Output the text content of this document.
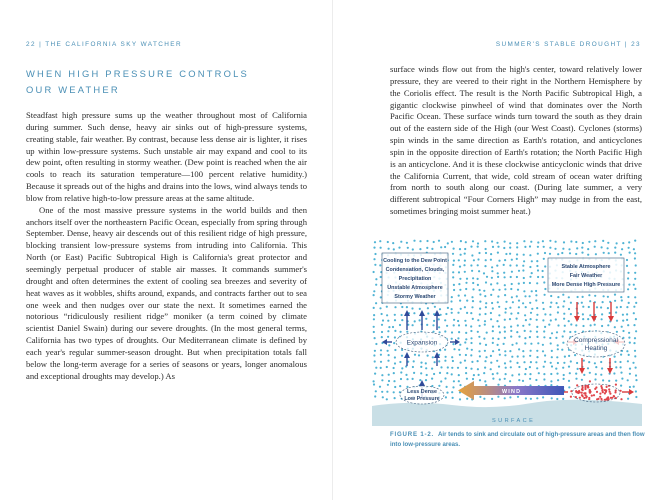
22 | THE CALIFORNIA SKY WATCHER
WHEN HIGH PRESSURE CONTROLS OUR WEATHER

Steadfast high pressure sums up the weather throughout most of California during summer. Such dense, heavy air sinks out of high-pressure systems, creating stable, fair weather. By contrast, because less dense air is lighter, it rises up within low-pressure systems. Such unstable air may expand and cool to its dew point, often resulting in stormy weather. (Dew point is reached when the air cools to reach its saturation temperature—100 percent relative humidity.) Because it spreads out of the highs and drains into the lows, wind always tends to blow from relative high-to-low pressure areas at the same altitude.

One of the most massive pressure systems in the world builds and then anchors itself over the northeastern Pacific Ocean, especially from spring through September. Dense, heavy air descends out of this resilient ridge of high pressure, blocking transient low-pressure systems from intruding into California. This North (or East) Pacific Subtropical High is California's great protector and seemingly perpetual producer of stable air masses. It commands summer's drought and often determines the extent of cooling sea breezes and severity of heat waves as it wobbles, shifts around, expands, and contracts farther out to sea one week and then nudges over our state the next. It sometimes earned the notorious “ridiculously resilient ridge” moniker (a term coined by climate scientist Daniel Swain) during our severe droughts. (In the most general terms, California has two types of droughts. Our Mediterranean climate is defined by each year's regular summer-season drought. But when precipitation totals fall below the long-term average for a series of seasons or years, longer anomalous and exceptional droughts may develop.) As

SUMMER'S STABLE DROUGHT | 23

surface winds flow out from the high's center, toward relatively lower pressure, they are veered to their right in the Northern Hemisphere by the Coriolis effect. The result is the North Pacific Subtropical High, a gigantic clockwise pinwheel of wind that dominates over the North Pacific Ocean. These surface winds turn toward the south as they drain out of the eastern side of the High (our West Coast). Cyclones (storms) spin winds in the same direction as Earth's rotation, and anticyclones spin in the opposite direction of Earth's rotation; the North Pacific High is an anticyclone. And it is these clockwise anticyclonic winds that drive the California Current, that wide, cold stream of ocean water drifting from north to south along our coast. (During late summer, a very different subtropical “Four Corners High” may nudge in from the east, sometimes bringing moist summer heat.)

SURFACE
Cooling to the Dew Point
Condensation, Clouds,
Precipitation
Unstable Atmosphere
Stormy Weather
Stable Atmosphere
Fair Weather
More Dense High Pressure
Expansion
Less Dense
Low Pressure
Compressional
Heating
WIND
FIGURE 1-2. Air tends to sink and circulate out of high-pressure areas and then flow into low-pressure areas.
